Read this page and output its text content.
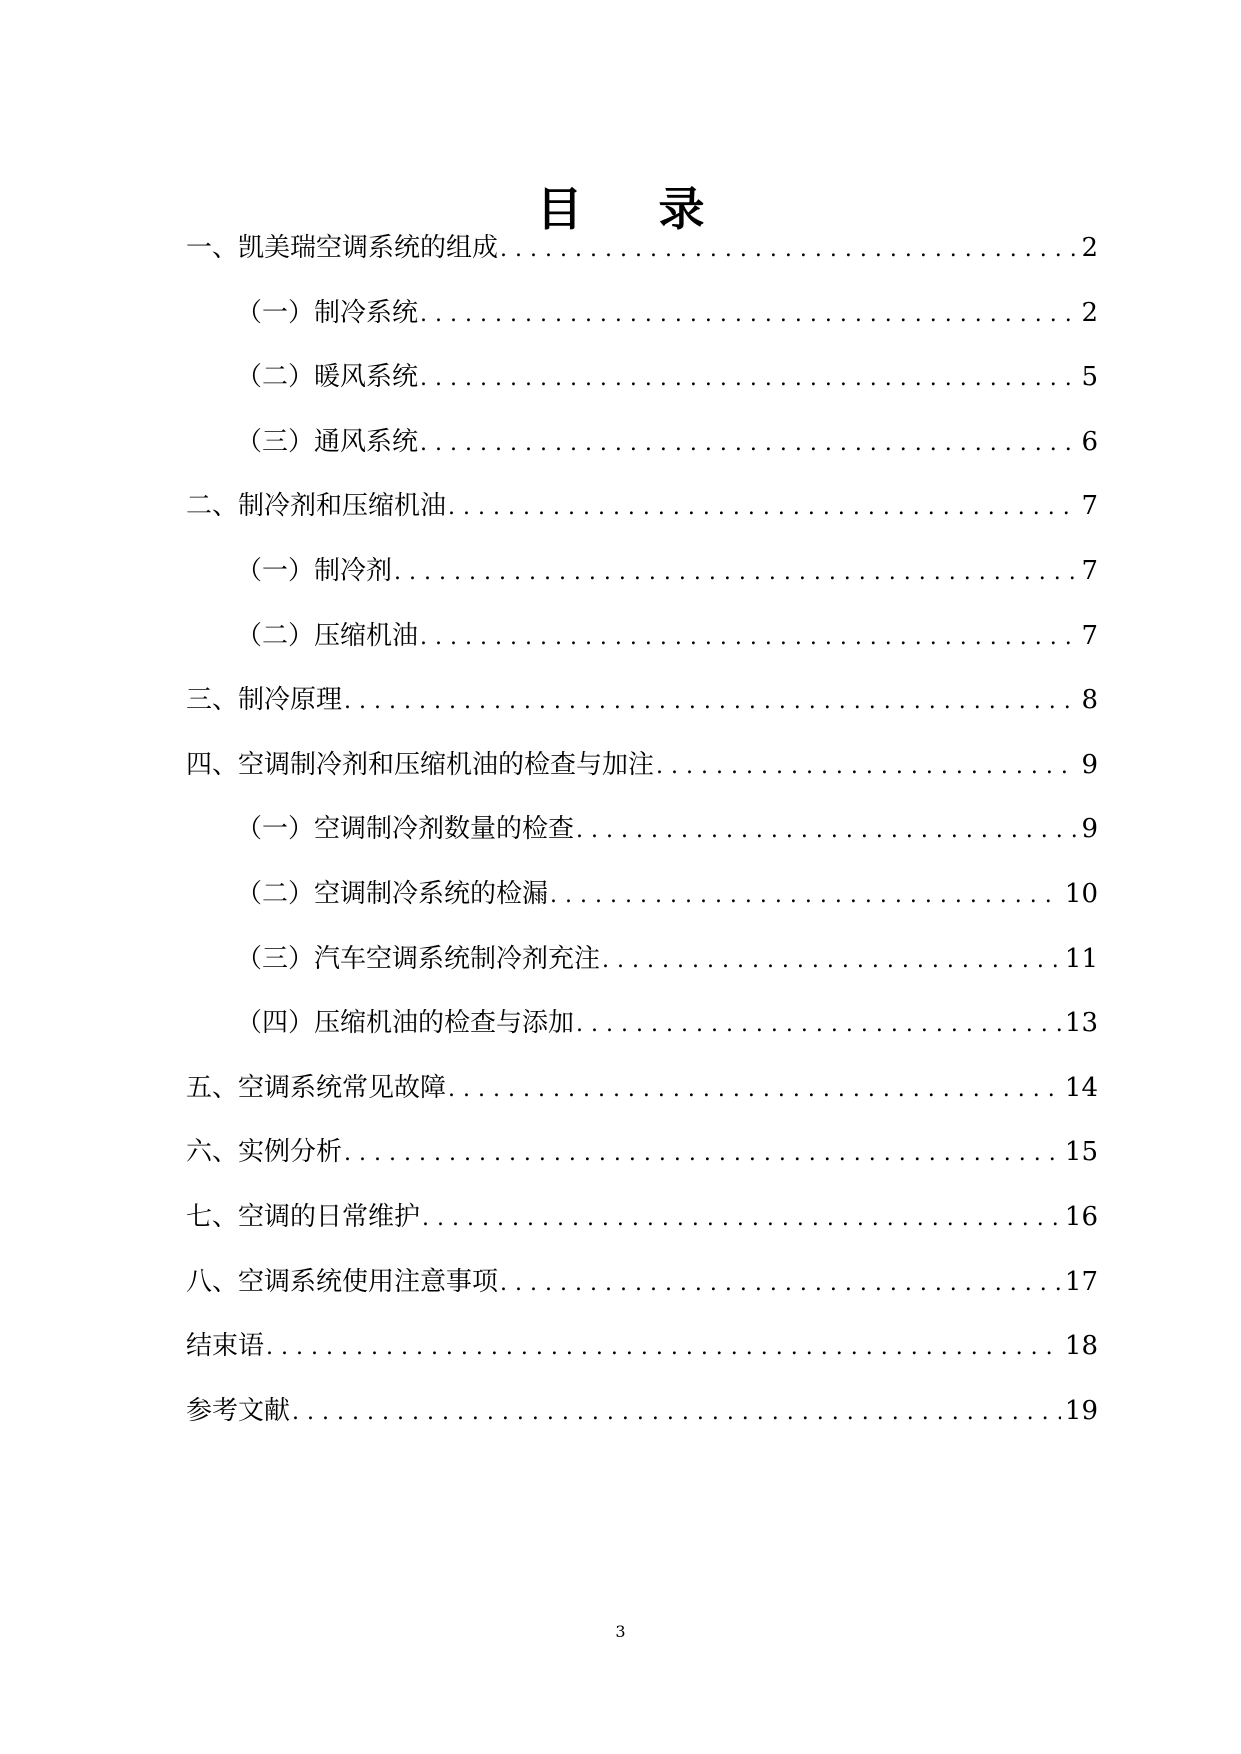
目 录
一、凯美瑞空调系统的组成 .....	2
（一）制冷系统 .....	2
（二）暖风系统 .....	5
（三）通风系统 .....	6
二、制冷剂和压缩机油 .....	7
（一）制冷剂 .....	7
（二）压缩机油 .....	7
三、制冷原理 .....	8
四、空调制冷剂和压缩机油的检查与加注 .....	9
（一）空调制冷剂数量的检查 .....	9
（二）空调制冷系统的检漏 .....	10
（三）汽车空调系统制冷剂充注 .....	11
（四）压缩机油的检查与添加 .....	13
五、空调系统常见故障 .....	14
六、实例分析 .....	15
七、空调的日常维护 .....	16
八、空调系统使用注意事项 .....	17
结束语 .....	18
参考文献 .....	19
3
